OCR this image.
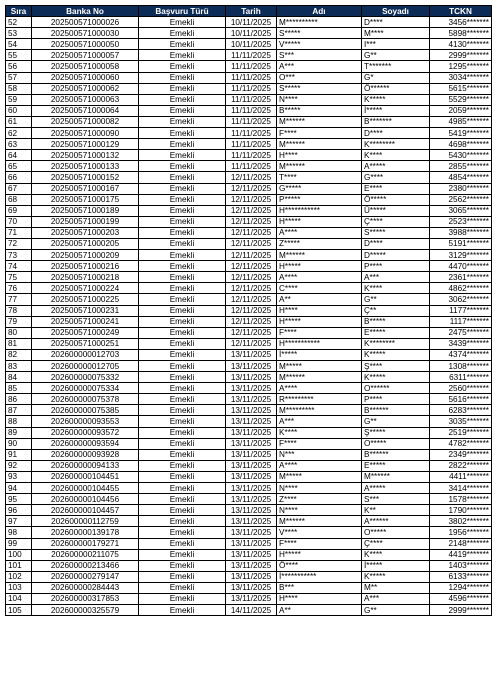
Sıra	Banka No	Başvuru Türü	Tarih	Adı	Soyadı	TCKN
52	202500571000026	Emekli	10/11/2025	M**********	D****	3456*******
53	202500571000030	Emekli	10/11/2025	S*****	M****	5898*******
54	202500571000050	Emekli	10/11/2025	V*****	I***	4130*******
55	202500571000057	Emekli	11/11/2025	S***	G**	2999*******
56	202500571000058	Emekli	11/11/2025	A***	T*******	1295*******
57	202500571000060	Emekli	11/11/2025	O***	G*	3034*******
58	202500571000062	Emekli	11/11/2025	S*****	Ö******	5615*******
59	202500571000063	Emekli	11/11/2025	N****	K*****	5529*******
60	202500571000064	Emekli	11/11/2025	B*****	İ*****	2059*******
61	202500571000082	Emekli	11/11/2025	M******	B*******	4985*******
62	202500571000090	Emekli	11/11/2025	F****	D****	5419*******
63	202500571000129	Emekli	11/11/2025	M******	K********	4698*******
64	202500571000132	Emekli	11/11/2025	H****	K****	5430*******
65	202500571000133	Emekli	11/11/2025	M******	A*****	2855*******
66	202500571000152	Emekli	12/11/2025	T****	G****	4854*******
67	202500571000167	Emekli	12/11/2025	G*****	E****	2380*******
68	202500571000175	Emekli	12/11/2025	P*****	Ö*****	2562*******
69	202500571000189	Emekli	12/11/2025	H***********	Ü*****	3065*******
70	202500571000199	Emekli	12/11/2025	H*****	Ç****	2523*******
71	202500571000203	Emekli	12/11/2025	A****	S*****	3988*******
72	202500571000205	Emekli	12/11/2025	Z*****	D****	5191*******
73	202500571000209	Emekli	12/11/2025	M******	D*****	3129*******
74	202500571000216	Emekli	12/11/2025	H*****	P****	4470*******
75	202500571000218	Emekli	12/11/2025	A****	A***	2361*******
76	202500571000224	Emekli	12/11/2025	C****	K****	4862*******
77	202500571000225	Emekli	12/11/2025	A**	G**	3062*******
78	202500571000231	Emekli	12/11/2025	H****	Ç**	1177*******
79	202500571000241	Emekli	12/11/2025	H*****	B*****	1117*******
80	202500571000249	Emekli	12/11/2025	F****	E*****	2475*******
81	202500571000251	Emekli	12/11/2025	H***********	K********	3439*******
82	202600000012703	Emekli	13/11/2025	İ*****	K*****	4374*******
83	202600000012705	Emekli	13/11/2025	M*****	Ş****	1308*******
84	202600000075332	Emekli	13/11/2025	M******	K*****	6311*******
85	202600000075334	Emekli	13/11/2025	A****	O******	2560*******
86	202600000075378	Emekli	13/11/2025	R*********	P****	5616*******
87	202600000075385	Emekli	13/11/2025	M*********	B******	6283*******
88	202600000093553	Emekli	13/11/2025	A***	G**	3035*******
89	202600000093572	Emekli	13/11/2025	K****	Ş*****	2519*******
90	202600000093594	Emekli	13/11/2025	F****	O*****	4782*******
91	202600000093928	Emekli	13/11/2025	N***	B******	2349*******
92	202600000094133	Emekli	13/11/2025	A****	E*****	2822*******
93	202600000104451	Emekli	13/11/2025	M*****	M******	4411*******
94	202600000104455	Emekli	13/11/2025	N****	A*****	3414*******
95	202600000104456	Emekli	13/11/2025	Z****	S***	1578*******
96	202600000104457	Emekli	13/11/2025	N****	K**	1790*******
97	202600000112759	Emekli	13/11/2025	M******	A******	3802*******
98	202600000139178	Emekli	13/11/2025	V****	O*****	1956*******
99	202600000179271	Emekli	13/11/2025	F****	Ç****	2148*******
100	202600000211075	Emekli	13/11/2025	H*****	K****	4419*******
101	202600000213466	Emekli	13/11/2025	Ö****	İ*****	1403*******
102	202600000279147	Emekli	13/11/2025	İ***********	K*****	6133*******
103	202600000284443	Emekli	13/11/2025	B***	M**	1294*******
104	202600000317853	Emekli	13/11/2025	H****	A***	4596*******
105	202600000325579	Emekli	14/11/2025	A**	G**	2999*******
